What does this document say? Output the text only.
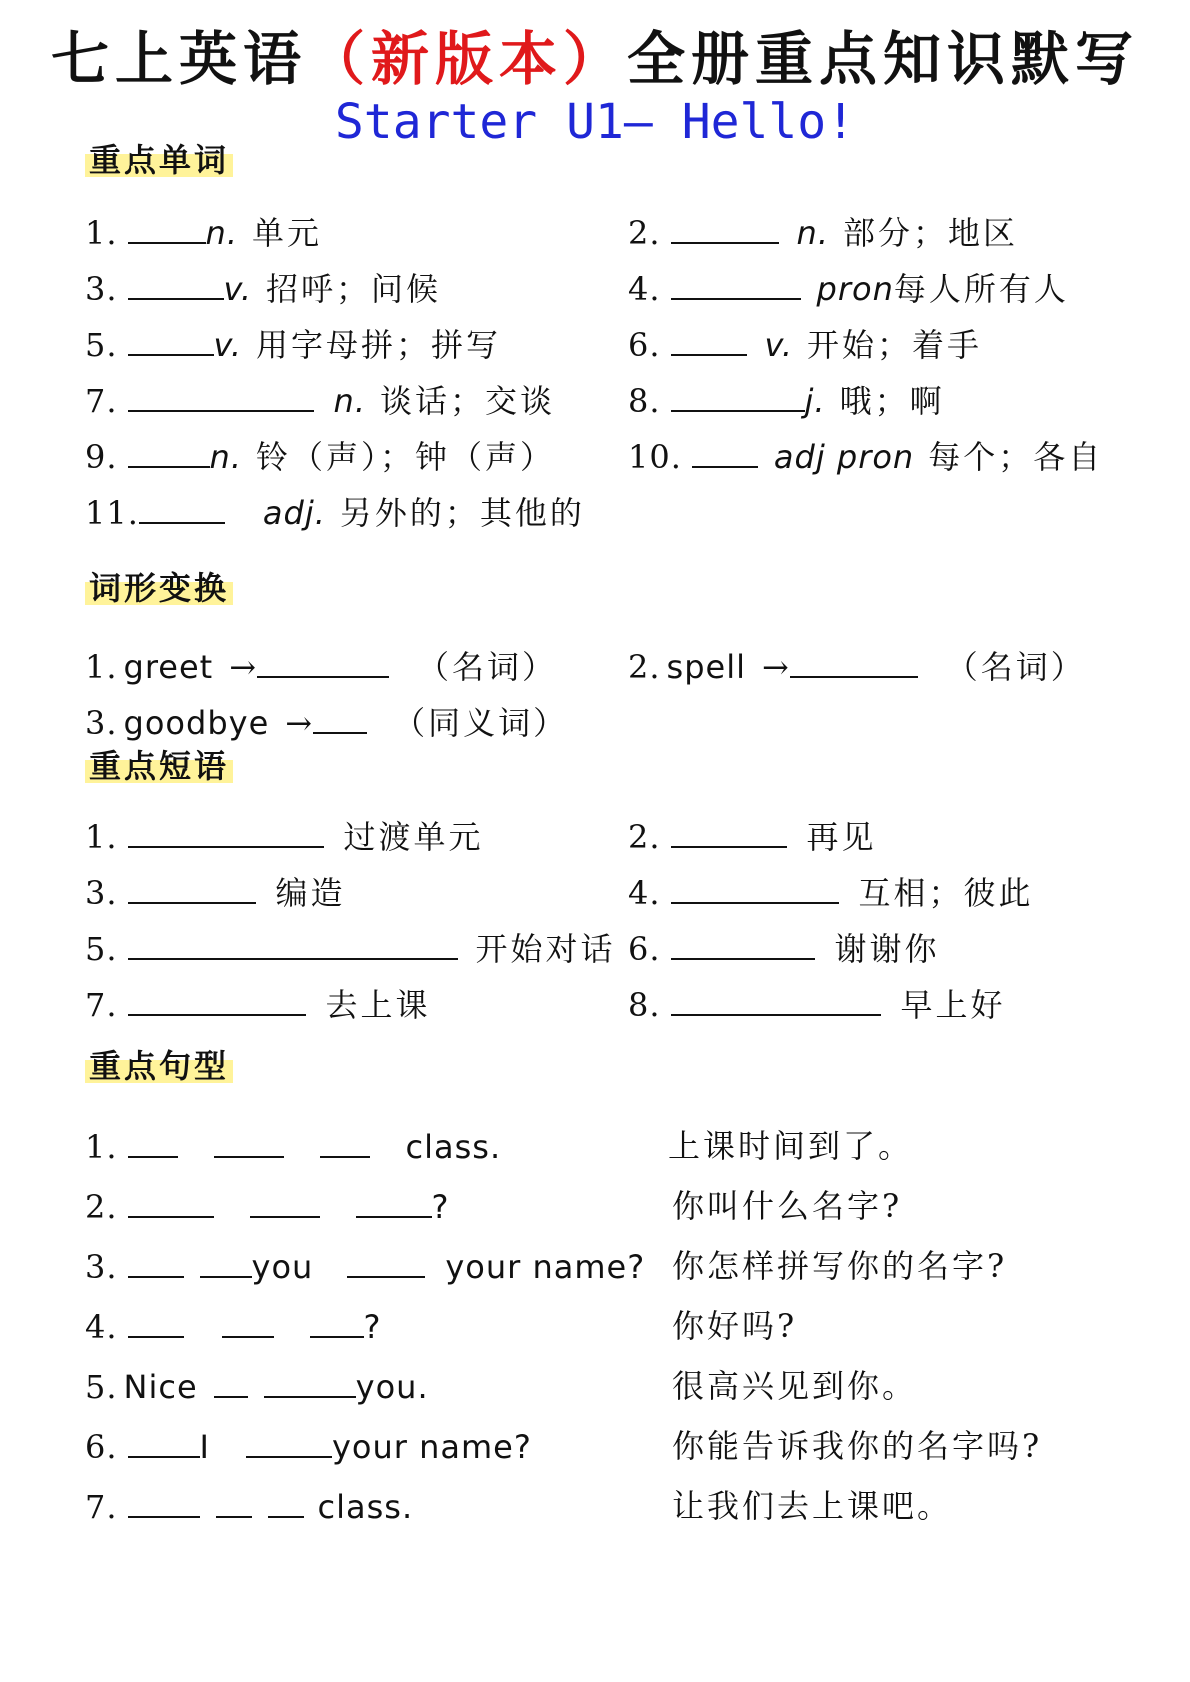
七上英语（新版本）全册重点知识默写
Starter U1— Hello!
重点单词
1.	n. 单元	2.	n. 部分；地区
3.	v. 招呼；问候	4.	pron 每人所有人
5.	v. 用字母拼；拼写	6.	v. 开始；着手
7.	n. 谈话；交谈 8.	j. 哦；啊
9.	n. 铃（声）；钟（声） 10.	adj pron 每个；各自
11.	adj. 另外的；其他的
词形变换
1. greet →	（名词） 2. spell →	（名词）
3. goodbye →	（同义词）
重点短语
1.	过渡单元	2.	再见
3.	编造	4.	互相；彼此
5.	开始对话 6.	谢谢你
7.	去上课	8.	早上好
重点句型
1.	class.	上课时间到了。
2.	?	你叫什么名字?
3.	you	your name? 你怎样拼写你的名字?
4.	?	你好吗?
5. Nice	you.	很高兴见到你。
6.	I	your name?	你能告诉我你的名字吗?
7.	class.	让我们去上课吧。
